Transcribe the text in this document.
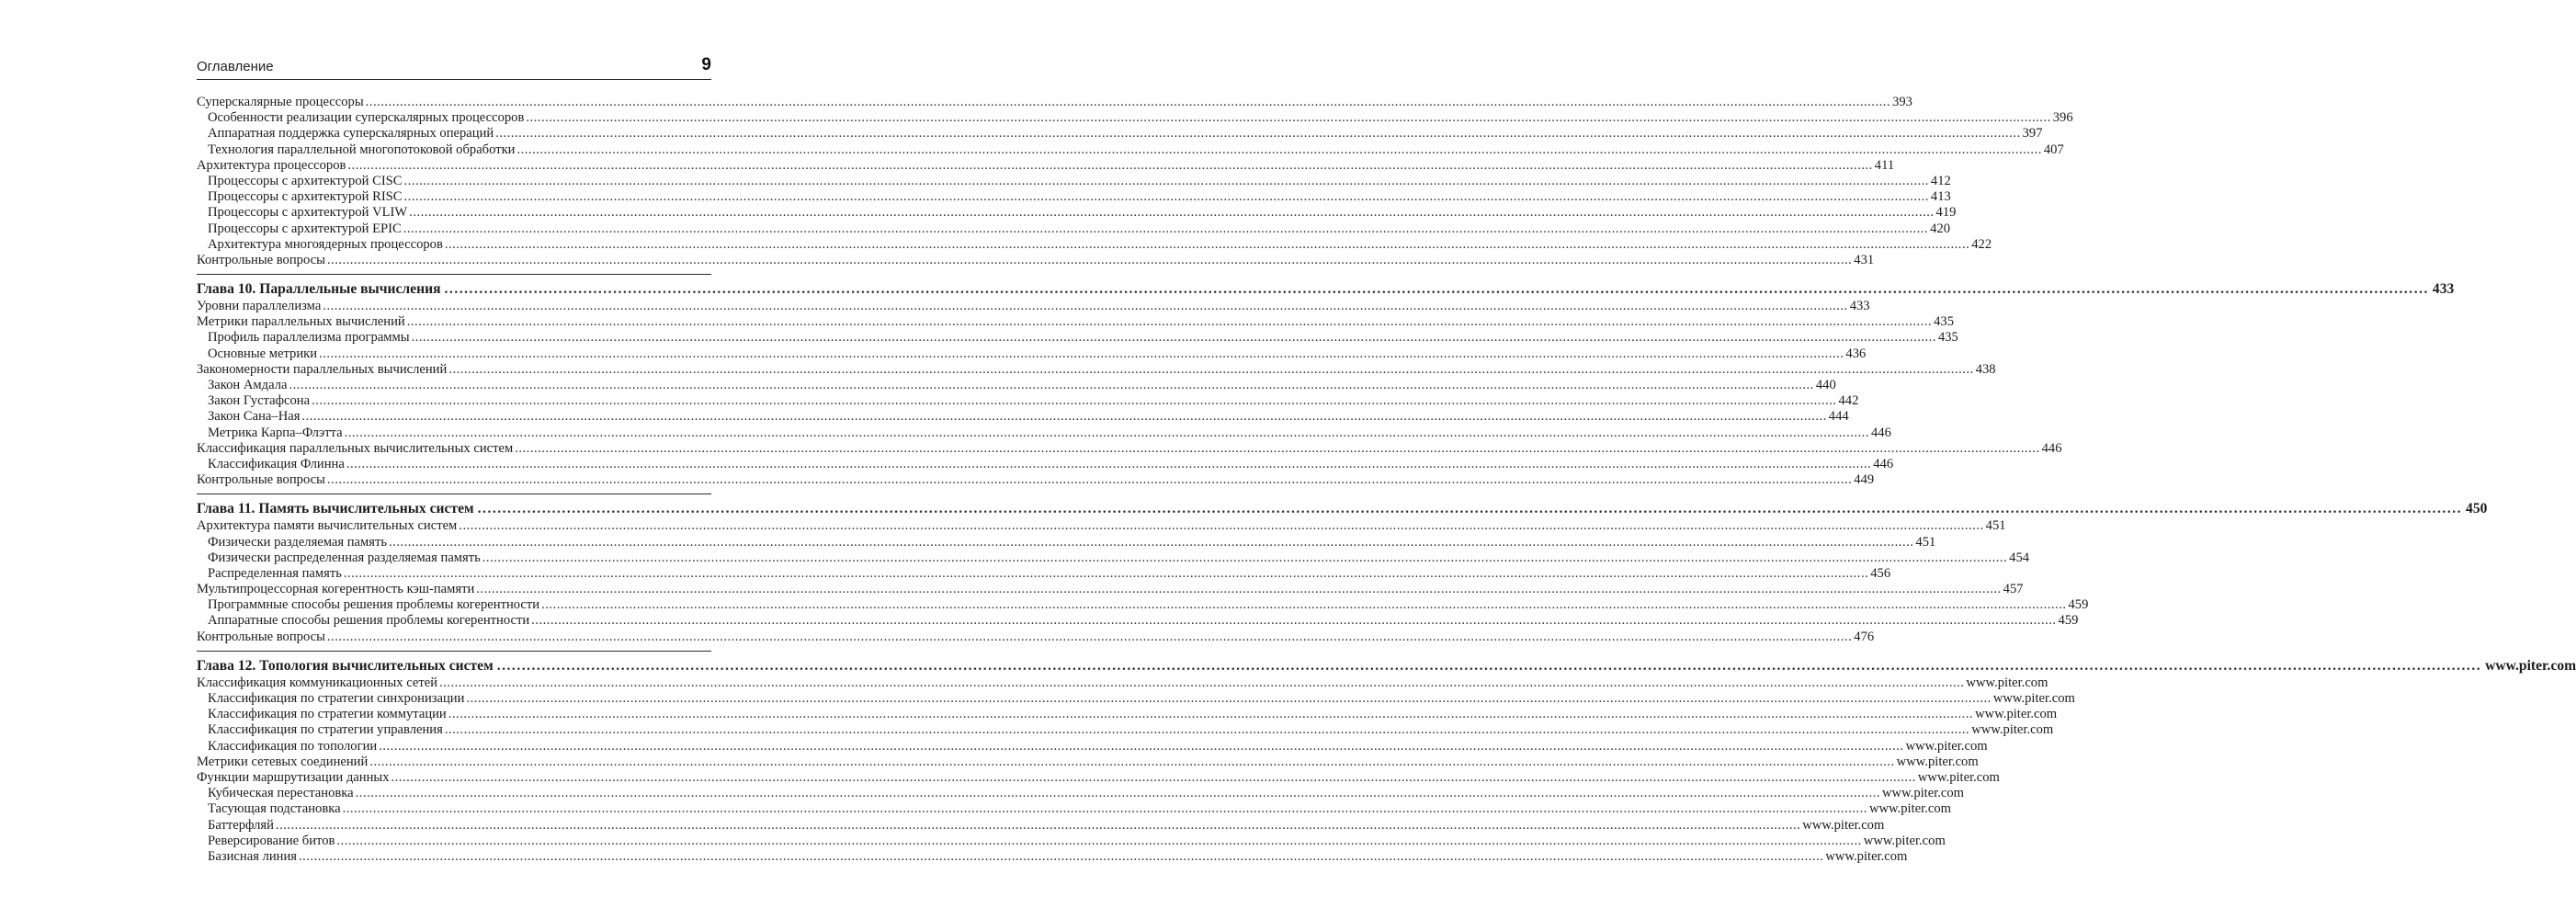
Оглавление	9
Суперскалярные процессоры ................................................................................................................................................................................................................................................................................................................................................................................................................ 393
Особенности реализации суперскалярных процессоров ................................................................................................................................................................................................................................................................................................................................................................................................................ 396
Аппаратная поддержка суперскалярных операций ................................................................................................................................................................................................................................................................................................................................................................................................................ 397
Технология параллельной многопотоковой обработки ................................................................................................................................................................................................................................................................................................................................................................................................................ 407
Архитектура процессоров ................................................................................................................................................................................................................................................................................................................................................................................................................ 411
Процессоры с архитектурой CISC ................................................................................................................................................................................................................................................................................................................................................................................................................ 412
Процессоры с архитектурой RISC ................................................................................................................................................................................................................................................................................................................................................................................................................ 413
Процессоры с архитектурой VLIW ................................................................................................................................................................................................................................................................................................................................................................................................................ 419
Процессоры с архитектурой EPIC ................................................................................................................................................................................................................................................................................................................................................................................................................ 420
Архитектура многоядерных процессоров ................................................................................................................................................................................................................................................................................................................................................................................................................ 422
Контрольные вопросы ................................................................................................................................................................................................................................................................................................................................................................................................................ 431
Глава 10. Параллельные вычисления ................................................................................................................................................................................................................................................................................................................................................................................................................ 433
Уровни параллелизма ................................................................................................................................................................................................................................................................................................................................................................................................................ 433
Метрики параллельных вычислений ................................................................................................................................................................................................................................................................................................................................................................................................................ 435
Профиль параллелизма программы ................................................................................................................................................................................................................................................................................................................................................................................................................ 435
Основные метрики ................................................................................................................................................................................................................................................................................................................................................................................................................ 436
Закономерности параллельных вычислений ................................................................................................................................................................................................................................................................................................................................................................................................................ 438
Закон Амдала ................................................................................................................................................................................................................................................................................................................................................................................................................ 440
Закон Густафсона ................................................................................................................................................................................................................................................................................................................................................................................................................ 442
Закон Сана–Ная ................................................................................................................................................................................................................................................................................................................................................................................................................ 444
Метрика Карпа–Флэтта ................................................................................................................................................................................................................................................................................................................................................................................................................ 446
Классификация параллельных вычислительных систем ................................................................................................................................................................................................................................................................................................................................................................................................................ 446
Классификация Флинна ................................................................................................................................................................................................................................................................................................................................................................................................................ 446
Контрольные вопросы ................................................................................................................................................................................................................................................................................................................................................................................................................ 449
Глава 11. Память вычислительных систем ................................................................................................................................................................................................................................................................................................................................................................................................................ 450
Архитектура памяти вычислительных систем ................................................................................................................................................................................................................................................................................................................................................................................................................ 451
Физически разделяемая память ................................................................................................................................................................................................................................................................................................................................................................................................................ 451
Физически распределенная разделяемая память ................................................................................................................................................................................................................................................................................................................................................................................................................ 454
Распределенная память ................................................................................................................................................................................................................................................................................................................................................................................................................ 456
Мультипроцессорная когерентность кэш-памяти ................................................................................................................................................................................................................................................................................................................................................................................................................ 457
Программные способы решения проблемы когерентности ................................................................................................................................................................................................................................................................................................................................................................................................................ 459
Аппаратные способы решения проблемы когерентности ................................................................................................................................................................................................................................................................................................................................................................................................................ 459
Контрольные вопросы ................................................................................................................................................................................................................................................................................................................................................................................................................ 476
Глава 12. Топология вычислительных систем ................................................................................................................................................................................................................................................................................................................................................................................................................ www.piter.com
Классификация коммуникационных сетей ................................................................................................................................................................................................................................................................................................................................................................................................................ www.piter.com
Классификация по стратегии синхронизации ................................................................................................................................................................................................................................................................................................................................................................................................................ www.piter.com
Классификация по стратегии коммутации ................................................................................................................................................................................................................................................................................................................................................................................................................ www.piter.com
Классификация по стратегии управления ................................................................................................................................................................................................................................................................................................................................................................................................................ www.piter.com
Классификация по топологии ................................................................................................................................................................................................................................................................................................................................................................................................................ www.piter.com
Метрики сетевых соединений ................................................................................................................................................................................................................................................................................................................................................................................................................ www.piter.com
Функции маршрутизации данных ................................................................................................................................................................................................................................................................................................................................................................................................................ www.piter.com
Кубическая перестановка ................................................................................................................................................................................................................................................................................................................................................................................................................ www.piter.com
Тасующая подстановка ................................................................................................................................................................................................................................................................................................................................................................................................................ www.piter.com
Баттерфляй ................................................................................................................................................................................................................................................................................................................................................................................................................ www.piter.com
Реверсирование битов ................................................................................................................................................................................................................................................................................................................................................................................................................ www.piter.com
Базисная линия ................................................................................................................................................................................................................................................................................................................................................................................................................ www.piter.com
